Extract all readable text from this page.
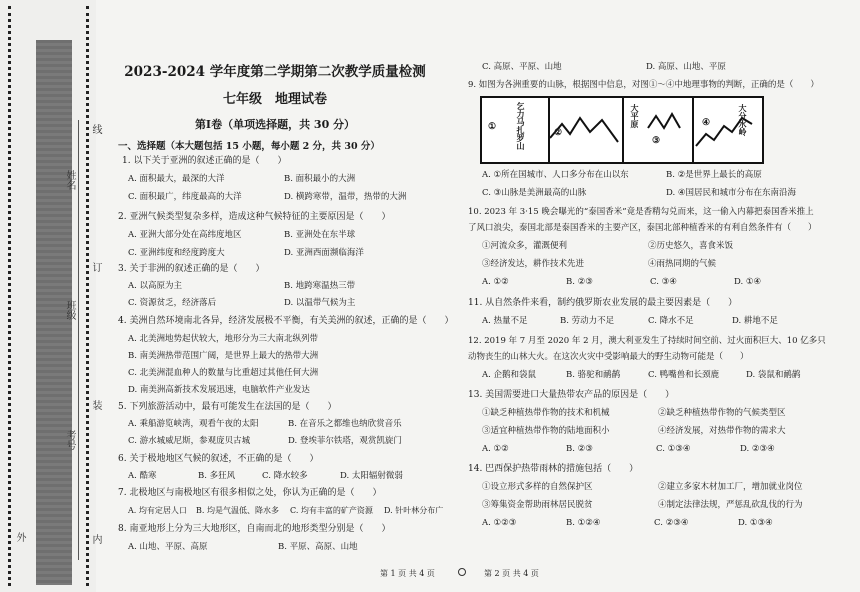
线
订
装
外	内
姓名
班级
考号
2023-2024 学年度第二学期第二次教学质量检测
七年级　地理试卷
第Ⅰ卷（单项选择题，共 30 分）
一、选择题（本大题包括 15 小题，每小题 2 分，共 30 分）
1. 以下关于亚洲的叙述正确的是（　　）
A. 面积最大，最深的大洋	B. 面积最小的大洲
C. 面积最广，纬度最高的大洋	D. 横跨寒带，温带，热带的大洲
2. 亚洲气候类型复杂多样，造成这种气候特征的主要原因是（　　）
A. 亚洲大部分处在高纬度地区	B. 亚洲处在东半球
C. 亚洲纬度和经度跨度大	D. 亚洲西面濒临海洋
3. 关于非洲的叙述正确的是（　　）
A. 以高原为主	B. 地跨寒温热三带
C. 资源贫乏，经济落后	D. 以温带气候为主
4. 美洲自然环境南北各异，经济发展极不平衡，有关美洲的叙述，正确的是（　　）
A. 北美洲地势起伏较大，地形分为三大南北纵列带
B. 南美洲热带范围广阔，是世界上最大的热带大洲
C. 北美洲混血种人的数量与比重超过其他任何大洲
D. 南美洲高新技术发展迅速，电脑软件产业发达
5. 下列旅游活动中，最有可能发生在法国的是（　　）
A. 乘船游览峡湾，观看午夜的太阳	B. 在音乐之都维也纳欣赏音乐
C. 游水城威尼斯，参观庞贝古城	D. 登埃菲尔铁塔，观赏凯旋门
6. 关于极地地区气候的叙述，不正确的是（　　）
A. 酷寒	B. 多狂风	C. 降水较多	D. 太阳辐射微弱
7. 北极地区与南极地区有很多相似之处，你认为正确的是（　　）
A. 均有定居人口 B. 均是气温低、降水多 C. 均有丰富的矿产资源 D. 针叶林分布广
8. 南亚地形上分为三大地形区，自南而北的地形类型分别是（　　）
A. 山地、平原、高原	B. 平原、高原、山地
第 1 页 共 4 页
C. 高原、平原、山地	D. 高原、山地、平原
9. 如图为各洲重要的山脉，根据图中信息，对图①～④中地理事物的判断，正确的是（　　）
① 乞力马扎罗山	②
大平原
③
④	大分水岭
A. ①所在国城市、人口多分布在山以东	B. ②是世界上最长的高原
C. ③山脉是美洲最高的山脉	D. ④国居民和城市分布在东南沿海
10. 2023 年 3·15 晚会曝光的“泰国香米”竟是香精勾兑而来，这一偷入内幕把泰国香米推上
了风口浪尖，泰国北部是泰国香米的主要产区，泰国北部种植香米的有利自然条件有（　　）
①河流众多，灌溉便利	②历史悠久，喜食米饭
③经济发达，耕作技术先进	④雨热同期的气候
A. ①②	B. ②③	C. ③④	D. ①④
11. 从自然条件来看，制约俄罗斯农业发展的最主要因素是（　　）
A. 热量不足	B. 劳动力不足	C. 降水不足	D. 耕地不足
12. 2019 年 7 月至 2020 年 2 月，澳大利亚发生了持续时间空前、过火面积巨大、10 亿多只
动物丧生的山林大火。在这次火灾中受影响最大的野生动物可能是（　　）
A. 企鹅和袋鼠	B. 骆驼和鸸鹋	C. 鸭嘴兽和长颈鹿	D. 袋鼠和鸸鹋
13. 美国需要进口大量热带农产品的原因是（　　）
①缺乏种植热带作物的技术和机械	②缺乏种植热带作物的气候类型区
③适宜种植热带作物的陆地面积小	④经济发展，对热带作物的需求大
A. ①②	B. ②③	C. ①③④	D. ②③④
14. 巴西保护热带雨林的措施包括（　　）
①设立形式多样的自然保护区	②建立多家木材加工厂，增加就业岗位
③筹集资金帮助雨林居民脱贫	④制定法律法规，严惩乱砍乱伐的行为
A. ①②③	B. ①②④	C. ②③④	D. ①③④
第 2 页 共 4 页
